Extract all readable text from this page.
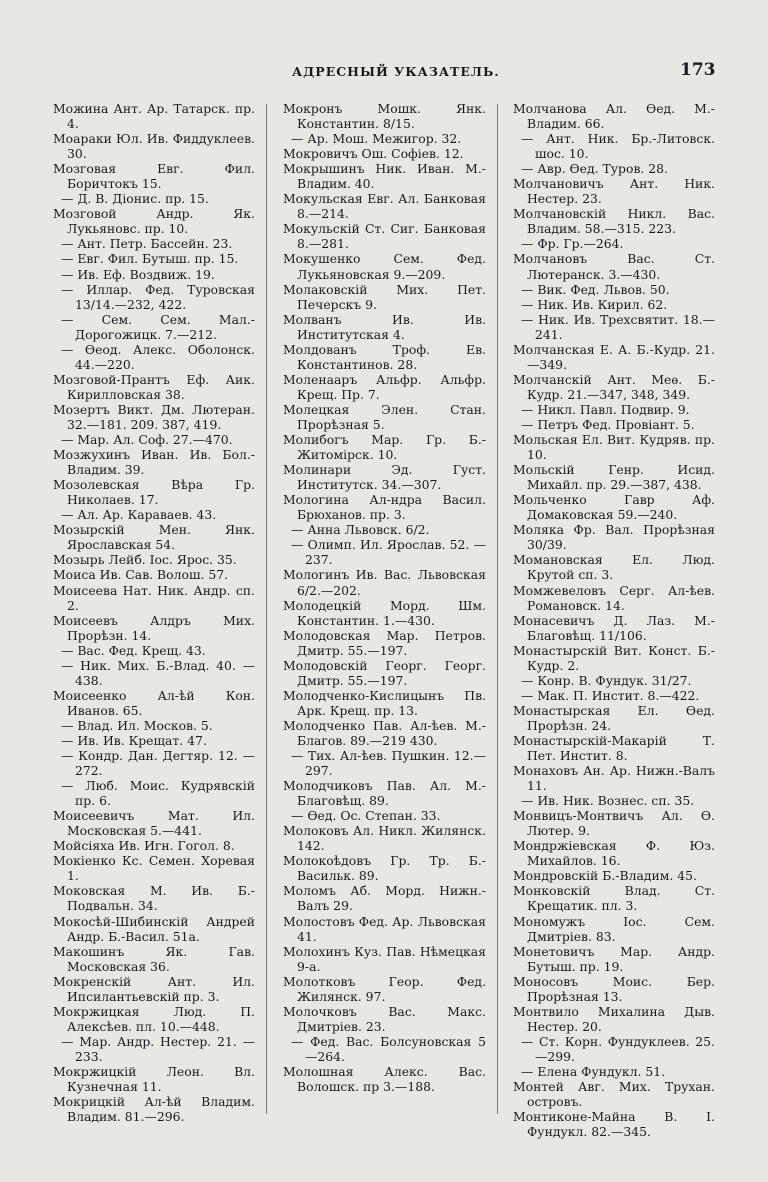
АДРЕСНЫЙ УКАЗАТЕЛЬ.	173

Можина Ант. Ар. Татарск. пр. 4.

Моараки Юл. Ив. Фиддуклеев. 30.

Мозговая Евг. Фил. Боричтокъ 15.

— Д. В. Діонис. пр. 15.

Мозговой Андр. Як. Лукьяновс. пр. 10.

— Ант. Петр. Бассейн. 23.

— Евг. Фил. Бутыш. пр. 15.

— Ив. Еф. Воздвиж. 19.

— Иллар. Фед. Туровская 13/14.—232, 422.

— Сем. Сем. Мал.-Дорогожицк. 7.—212.

— Ѳеод. Алекс. Оболонск. 44.—220.

Мозговой-Прантъ Еф. Аик. Кирилловская 38.

Мозертъ Викт. Дм. Лютеран. 32.—181. 209. 387, 419.

— Мар. Ал. Соф. 27.—470.

Мозжухинъ Иван. Ив. Бол.-Владим. 39.

Мозолевская Вѣра Гр. Николаев. 17.

— Ал. Ар. Караваев. 43.

Мозырскій Мен. Янк. Ярославская 54.

Мозырь Лейб. Іос. Ярос. 35.

Моиса Ив. Сав. Волош. 57.

Моисеева Нат. Ник. Андр. сп. 2.

Моисеевъ Алдръ Мих. Прорѣзн. 14.

— Вас. Фед. Крещ. 43.

— Ник. Мих. Б.-Влад. 40. —438.

Моисеенко Ал-ѣй Кон. Иванов. 65.

— Влад. Ил. Москов. 5.

— Ив. Ив. Крещат. 47.

— Кондр. Дан. Дегтяр. 12. —272.

— Люб. Моис. Кудрявскій пр. 6.

Моисеевичъ Мат. Ил. Московская 5.—441.

Мойсіяха Ив. Игн. Гогол. 8.

Мокіенко Кс. Семен. Хоревая 1.

Моковская М. Ив. Б.-Подвальн. 34.

Мокосѣй-Шибинскій Андрей Андр. Б.-Васил. 51а.

Макошинъ Як. Гав. Московская 36.

Мокренскій Ант. Ил. Ипсилантьевскій пр. 3.

Мокржицкая Люд. П. Алексѣев. пл. 10.—448.

— Мар. Андр. Нестер. 21. —233.

Мокржицкій Леон. Вл. Кузнечная 11.

Мокрицкій Ал-ѣй Владим. Владим. 81.—296.

Мокронъ Мошк. Янк. Константин. 8/15.

— Ар. Мош. Межигор. 32.

Мокровичъ Ош. Софіев. 12.

Мокрышинъ Ник. Иван. М.-Владим. 40.

Мокульская Евг. Ал. Банковая 8.—214.

Мокульскій Ст. Сиг. Банковая 8.—281.

Мокушенко Сем. Фед. Лукьяновская 9.—209.

Молаковскій Мих. Пет. Печерскъ 9.

Молванъ Ив. Ив. Институтская 4.

Молдованъ Троф. Ев. Константинов. 28.

Моленааръ Альфр. Альфр. Крещ. Пр. 7.

Молецкая Элен. Стан. Прорѣзная 5.

Молибогъ Мар. Гр. Б.-Житомірск. 10.

Молинари Эд. Густ. Институтск. 34.—307.

Мологина Ал-ндра Васил. Брюханов. пр. 3.

— Анна Львовск. 6/2.

— Олимп. Ил. Ярослав. 52. —237.

Мологинъ Ив. Вас. Львовская 6/2.—202.

Молодецкій Морд. Шм. Константин. 1.—430.

Молодовская Мар. Петров. Дмитр. 55.—197.

Молодовскій Георг. Георг. Дмитр. 55.—197.

Молодченко-Кислицынъ Пв. Арк. Крещ. пр. 13.

Молодченко Пав. Ал-ѣев. М.-Благов. 89.—219 430.

— Тих. Ал-ѣев. Пушкин. 12.—297.

Молодчиковъ Пав. Ал. М.-Благовѣщ. 89.

— Ѳед. Ос. Степан. 33.

Молоковъ Ал. Никл. Жилянск. 142.

Молокоѣдовъ Гр. Тр. Б.-Васильк. 89.

Моломъ Аб. Морд. Нижн.-Валъ 29.

Молостовъ Фед. Ар. Львовская 41.

Молохинъ Куз. Пав. Нѣмецкая 9-а.

Молотковъ Геор. Фед. Жилянск. 97.

Молочковъ Вас. Макс. Дмитріев. 23.

— Фед. Вас. Болсуновская 5—264.

Молошная Алекс. Вас. Волошск. пр 3.—188.

Молчанова Ал. Ѳед. М.-Владим. 66.

— Ант. Ник. Бр.-Литовск. шос. 10.

— Авр. Ѳед. Туров. 28.

Молчановичъ Ант. Ник. Нестер. 23.

Молчановскій Никл. Вас. Владим. 58.—315. 223.

— Фр. Гр.—264.

Молчановъ Вас. Ст. Лютеранск. 3.—430.

— Вик. Фед. Львов. 50.

— Ник. Ив. Кирил. 62.

— Ник. Ив. Трехсвятит. 18.—241.

Молчанская Е. А. Б.-Кудр. 21.—349.

Молчанскій Ант. Меѳ. Б.-Кудр. 21.—347, 348, 349.

— Никл. Павл. Подвир. 9.

— Петръ Фед. Провіант. 5.

Мольская Ел. Вит. Кудряв. пр. 10.

Мольскій Генр. Исид. Михайл. пр. 29.—387, 438.

Мольченко Гавр Аф. Домаковская 59.—240.

Моляка Фр. Вал. Прорѣзная 30/39.

Момановская Ел. Люд. Крутой сп. 3.

Момжевеловъ Серг. Ал-ѣев. Романовск. 14.

Монасевичъ Д. Лаз. М.-Благовѣщ. 11/106.

Монастырскій Вит. Конст. Б.-Кудр. 2.

— Конр. В. Фундук. 31/27.

— Мак. П. Инстит. 8.—422.

Монастырская Ел. Ѳед. Прорѣзн. 24.

Монастырскій-Макарій Т. Пет. Инстит. 8.

Монаховъ Ан. Ар. Нижн.-Валъ 11.

— Ив. Ник. Вознес. сп. 35.

Монвицъ-Монтвичъ Ал. Ѳ. Лютер. 9.

Мондржіевская Ф. Юз. Михайлов. 16.

Мондровскій Б.-Владим. 45.

Монковскій Влад. Ст. Крещатик. пл. 3.

Мономужъ Іос. Сем. Дмитріев. 83.

Монетовичъ Мар. Андр. Бутыш. пр. 19.

Моносовъ Моис. Бер. Прорѣзная 13.

Монтвило Михалина Дыв. Нестер. 20.

— Ст. Корн. Фундуклеев. 25.—299.

— Елена Фундукл. 51.

Монтей Авг. Мих. Трухан. островъ.

Монтиконе-Майна В. І. Фундукл. 82.—345.
